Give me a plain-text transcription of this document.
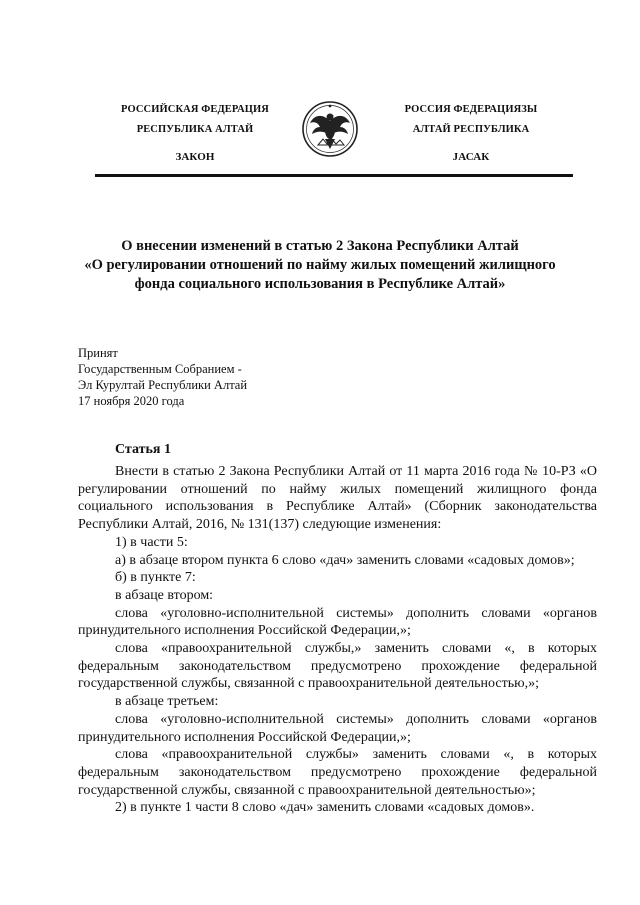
РОССИЙСКАЯ ФЕДЕРАЦИЯ
РЕСПУБЛИКА АЛТАЙ
ЗАКОН
РОССИЯ ФЕДЕРАЦИЯЗЫ
АЛТАЙ РЕСПУБЛИКА
JАСАК
О внесении изменений в статью 2 Закона Республики Алтай
«О регулировании отношений по найму жилых помещений жилищного
фонда социального использования в Республике Алтай»
Принят
Государственным Собранием -
Эл Курултай Республики Алтай
17 ноября 2020 года
Статья 1

Внести в статью 2 Закона Республики Алтай от 11 марта 2016 года № 10-РЗ «О регулировании отношений по найму жилых помещений жилищного фонда социального использования в Республике Алтай» (Сборник законодательства Республики Алтай, 2016, № 131(137) следующие изменения:

1) в части 5:

а) в абзаце втором пункта 6 слово «дач» заменить словами «садовых домов»;

б) в пункте 7:

в абзаце втором:

слова «уголовно-исполнительной системы» дополнить словами «органов принудительного исполнения Российской Федерации,»;

слова «правоохранительной службы,» заменить словами «, в которых федеральным законодательством предусмотрено прохождение федеральной государственной службы, связанной с правоохранительной деятельностью,»;

в абзаце третьем:

слова «уголовно-исполнительной системы» дополнить словами «органов принудительного исполнения Российской Федерации,»;

слова «правоохранительной службы» заменить словами «, в которых федеральным законодательством предусмотрено прохождение федеральной государственной службы, связанной с правоохранительной деятельностью»;

2) в пункте 1 части 8 слово «дач» заменить словами «садовых домов».
